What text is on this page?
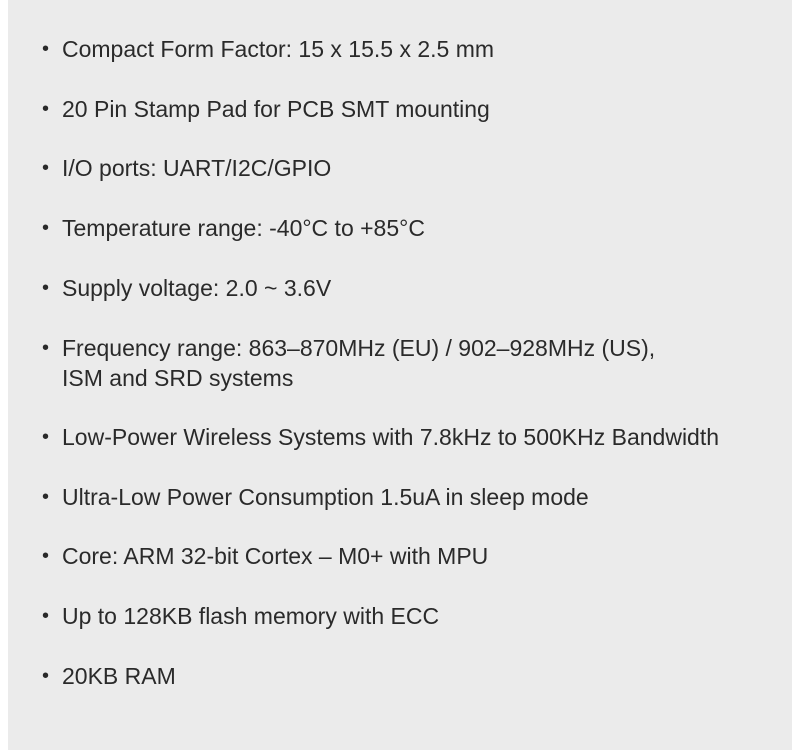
• Compact Form Factor: 15 x 15.5 x 2.5 mm
• 20 Pin Stamp Pad for PCB SMT mounting
• I/O ports: UART/I2C/GPIO
• Temperature range: -40°C to +85°C
• Supply voltage: 2.0 ~ 3.6V
• Frequency range: 863–870MHz (EU) / 902–928MHz (US),
ISM and SRD systems
• Low-Power Wireless Systems with 7.8kHz to 500KHz Bandwidth
• Ultra-Low Power Consumption 1.5uA in sleep mode
• Core: ARM 32-bit Cortex – M0+ with MPU
• Up to 128KB flash memory with ECC
• 20KB RAM
